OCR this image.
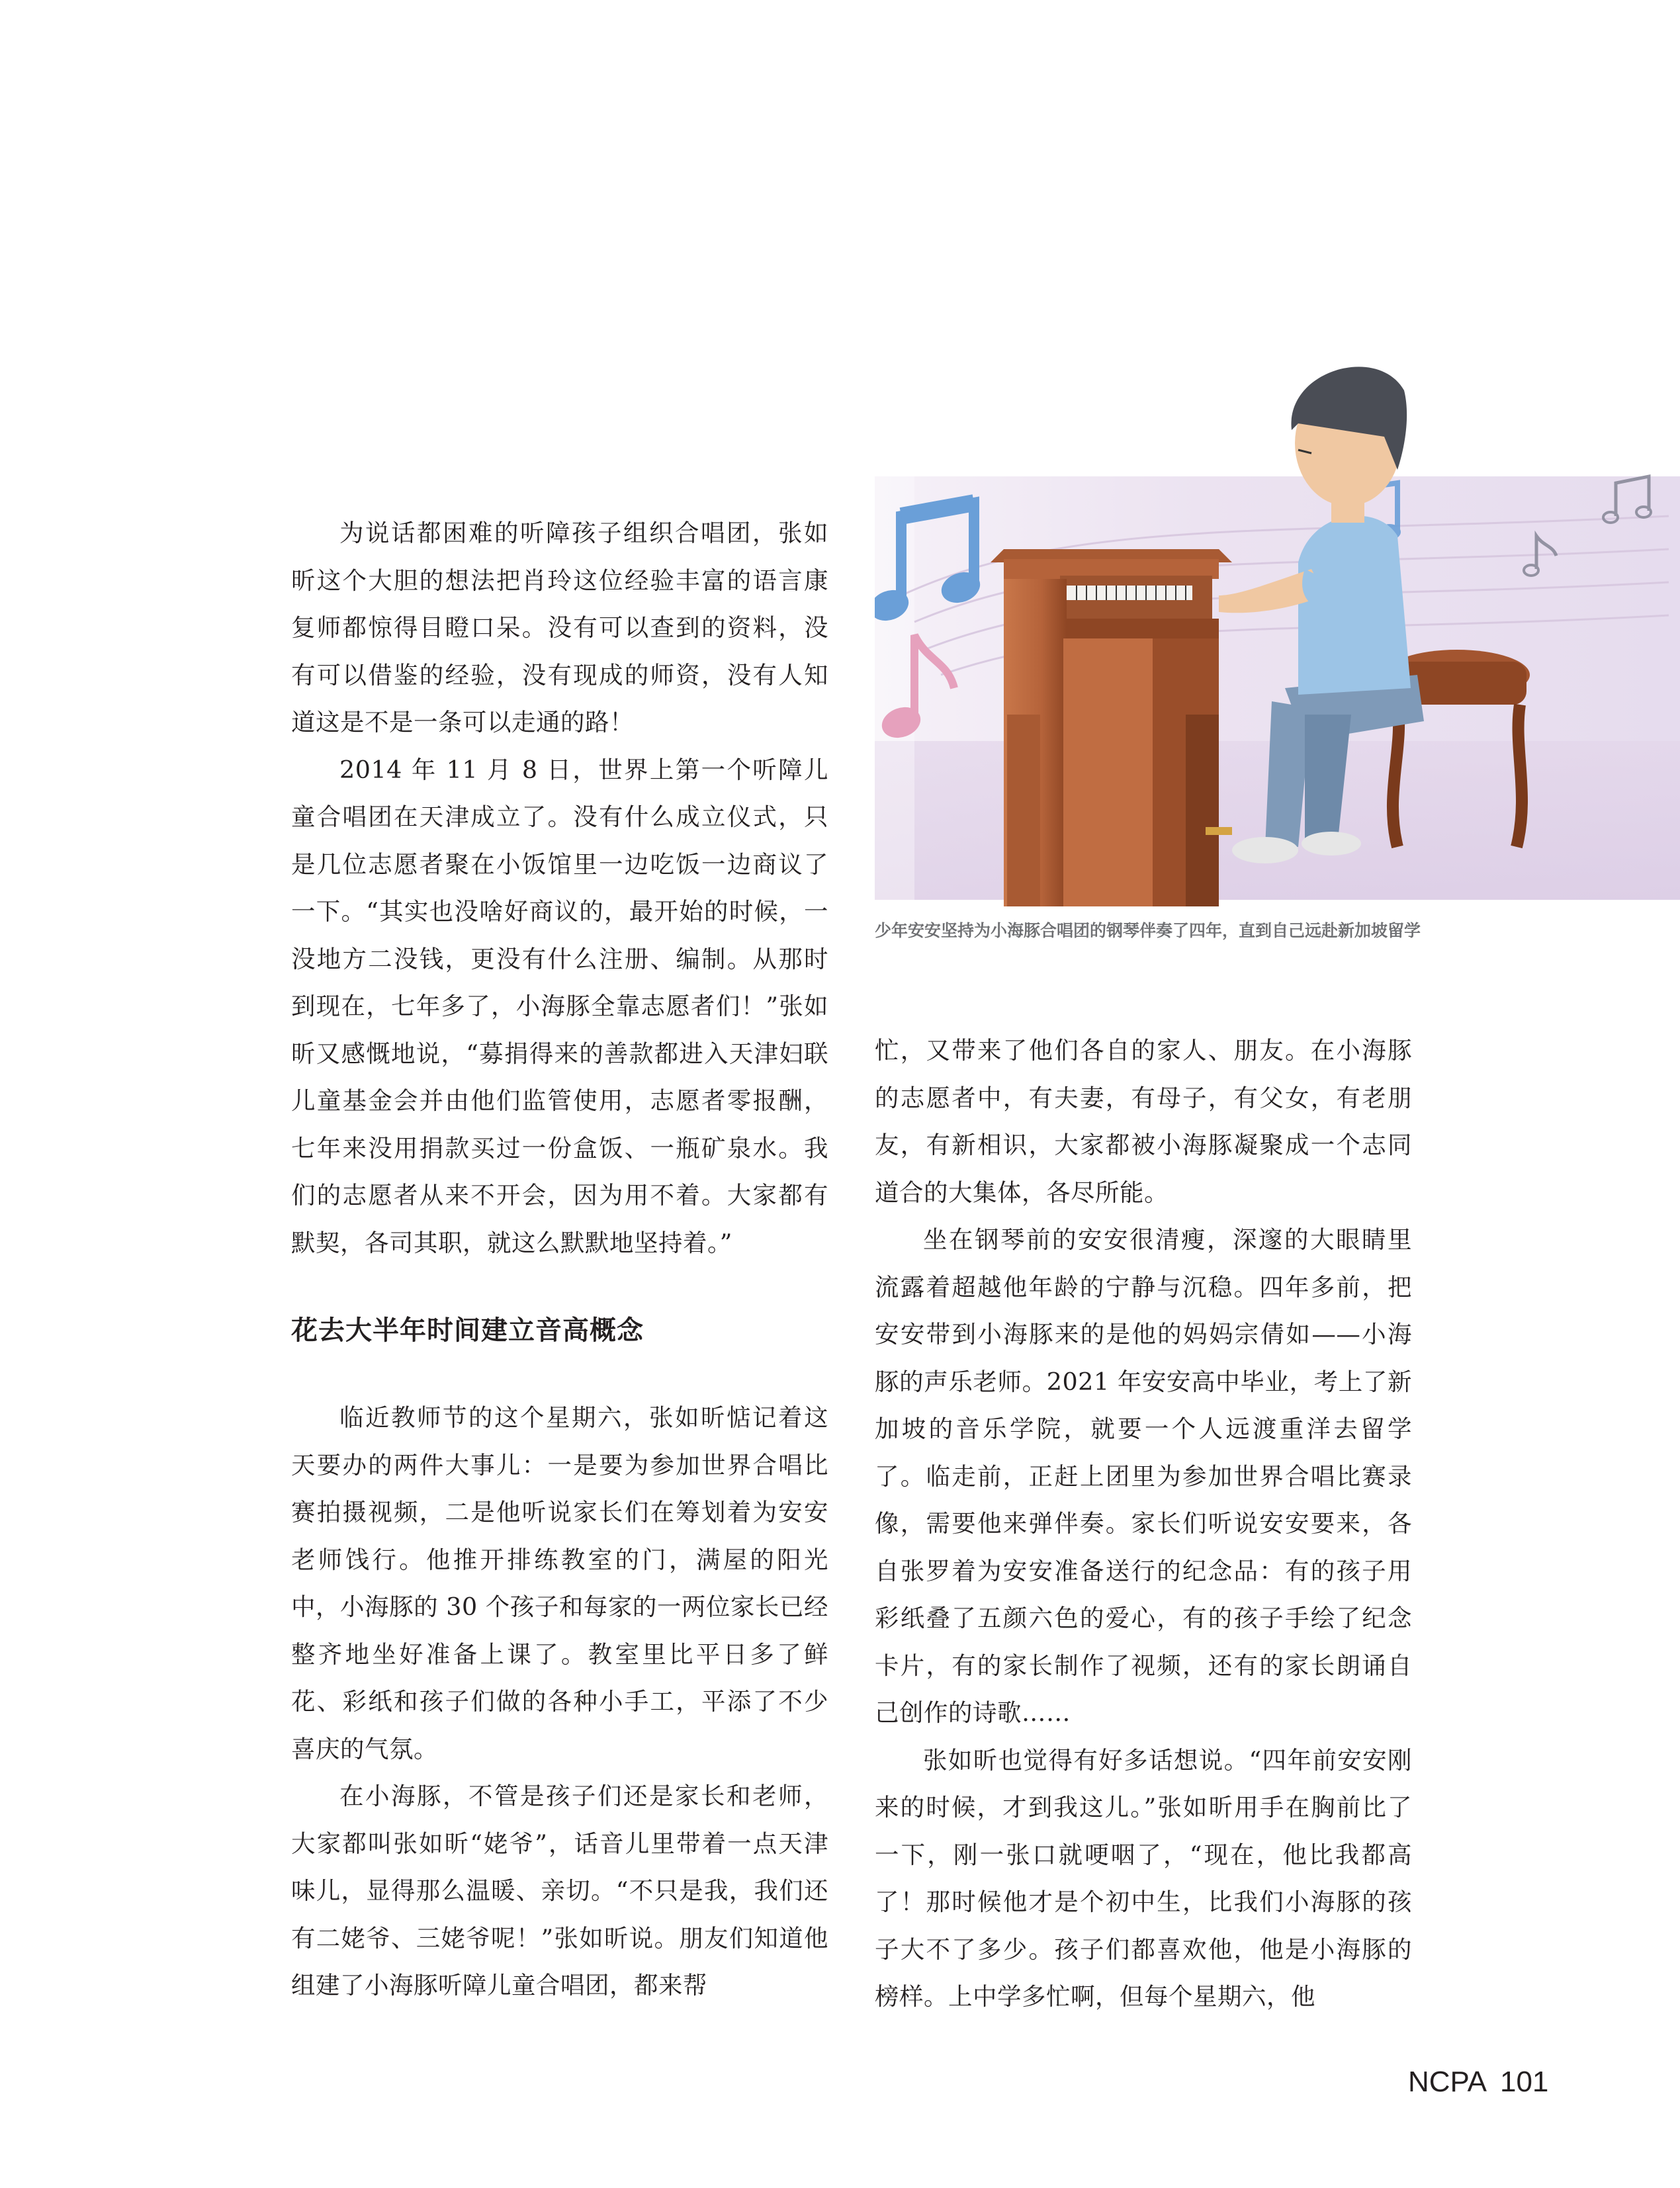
为说话都困难的听障孩子组织合唱团，张如昕这个大胆的想法把肖玲这位经验丰富的语言康复师都惊得目瞪口呆。没有可以查到的资料，没有可以借鉴的经验，没有现成的师资，没有人知道这是不是一条可以走通的路！

2014 年 11 月 8 日，世界上第一个听障儿童合唱团在天津成立了。没有什么成立仪式，只是几位志愿者聚在小饭馆里一边吃饭一边商议了一下。“其实也没啥好商议的，最开始的时候，一没地方二没钱，更没有什么注册、编制。从那时到现在，七年多了，小海豚全靠志愿者们！”张如昕又感慨地说，“募捐得来的善款都进入天津妇联儿童基金会并由他们监管使用，志愿者零报酬，七年来没用捐款买过一份盒饭、一瓶矿泉水。我们的志愿者从来不开会，因为用不着。大家都有默契，各司其职，就这么默默地坚持着。”

花去大半年时间建立音高概念

临近教师节的这个星期六，张如昕惦记着这天要办的两件大事儿：一是要为参加世界合唱比赛拍摄视频，二是他听说家长们在筹划着为安安老师饯行。他推开排练教室的门，满屋的阳光中，小海豚的 30 个孩子和每家的一两位家长已经整齐地坐好准备上课了。教室里比平日多了鲜花、彩纸和孩子们做的各种小手工，平添了不少喜庆的气氛。

在小海豚，不管是孩子们还是家长和老师，大家都叫张如昕“姥爷”，话音儿里带着一点天津味儿，显得那么温暖、亲切。“不只是我，我们还有二姥爷、三姥爷呢！”张如昕说。朋友们知道他组建了小海豚听障儿童合唱团，都来帮

少年安安坚持为小海豚合唱团的钢琴伴奏了四年，直到自己远赴新加坡留学

忙，又带来了他们各自的家人、朋友。在小海豚的志愿者中，有夫妻，有母子，有父女，有老朋友，有新相识，大家都被小海豚凝聚成一个志同道合的大集体，各尽所能。

坐在钢琴前的安安很清瘦，深邃的大眼睛里流露着超越他年龄的宁静与沉稳。四年多前，把安安带到小海豚来的是他的妈妈宗倩如——小海豚的声乐老师。2021 年安安高中毕业，考上了新加坡的音乐学院，就要一个人远渡重洋去留学了。临走前，正赶上团里为参加世界合唱比赛录像，需要他来弹伴奏。家长们听说安安要来，各自张罗着为安安准备送行的纪念品：有的孩子用彩纸叠了五颜六色的爱心，有的孩子手绘了纪念卡片，有的家长制作了视频，还有的家长朗诵自己创作的诗歌……

张如昕也觉得有好多话想说。“四年前安安刚来的时候，才到我这儿。”张如昕用手在胸前比了一下，刚一张口就哽咽了，“现在，他比我都高了！那时候他才是个初中生，比我们小海豚的孩子大不了多少。孩子们都喜欢他，他是小海豚的榜样。上中学多忙啊，但每个星期六，他

NCPA 101
